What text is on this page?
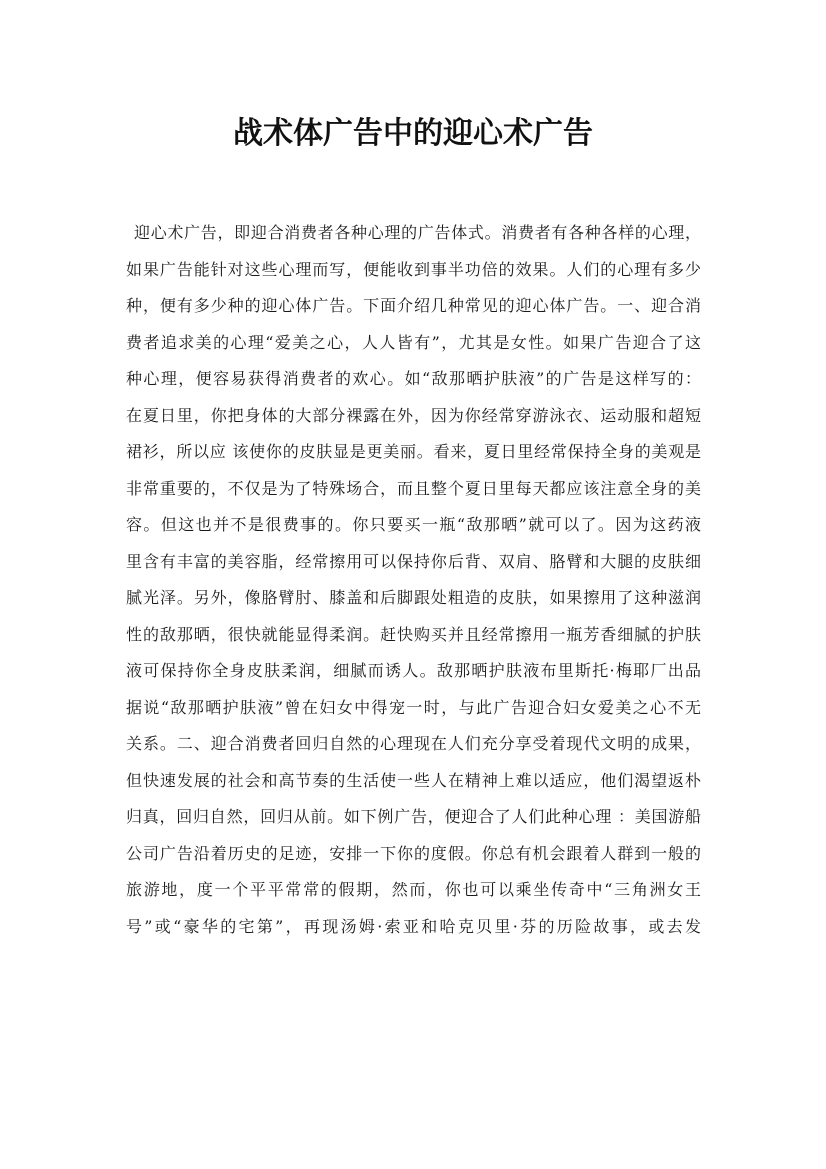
战术体广告中的迎心术广告
迎心术广告，即迎合消费者各种心理的广告体式。消费者有各种各样的心理，
如果广告能针对这些心理而写，便能收到事半功倍的效果。人们的心理有多少
种，便有多少种的迎心体广告。下面介绍几种常见的迎心体广告。一、迎合消
费者追求美的心理“爱美之心，人人皆有”，尤其是女性。如果广告迎合了这
种心理，便容易获得消费者的欢心。如“敌那晒护肤液”的广告是这样写的：
在夏日里，你把身体的大部分裸露在外，因为你经常穿游泳衣、运动服和超短
裙衫，所以应 该使你的皮肤显是更美丽。看来，夏日里经常保持全身的美观是
非常重要的，不仅是为了特殊场合，而且整个夏日里每天都应该注意全身的美
容。但这也并不是很费事的。你只要买一瓶“敌那晒”就可以了。因为这药液
里含有丰富的美容脂，经常擦用可以保持你后背、双肩、胳臂和大腿的皮肤细
腻光泽。另外，像胳臂肘、膝盖和后脚跟处粗造的皮肤，如果擦用了这种滋润
性的敌那晒，很快就能显得柔润。赶快购买并且经常擦用一瓶芳香细腻的护肤
液可保持你全身皮肤柔润，细腻而诱人。敌那晒护肤液布里斯托·梅耶厂出品
据说“敌那晒护肤液”曾在妇女中得宠一时，与此广告迎合妇女爱美之心不无
关系。二、迎合消费者回归自然的心理现在人们充分享受着现代文明的成果，
但快速发展的社会和高节奏的生活使一些人在精神上难以适应，他们渴望返朴
归真，回归自然，回归从前。如下例广告，便迎合了人们此种心理 ：美国游船
公司广告沿着历史的足迹，安排一下你的度假。你总有机会跟着人群到一般的
旅游地，度一个平平常常的假期，然而，你也可以乘坐传奇中“三角洲女王
号”或“豪华的宅第”，再现汤姆·索亚和哈克贝里·芬的历险故事，或去发
